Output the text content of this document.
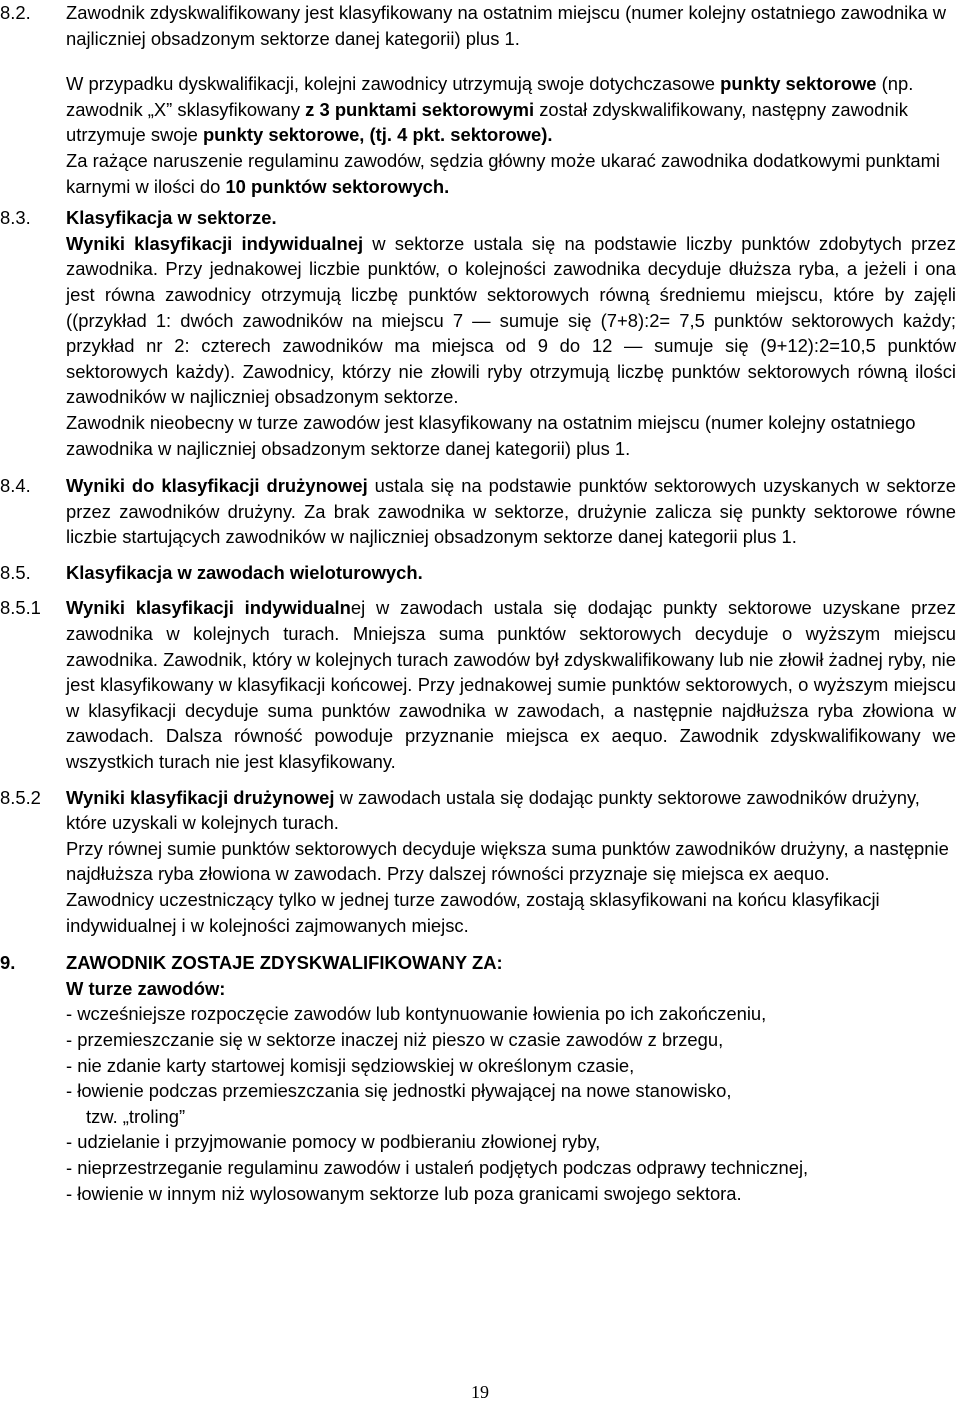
8.2.	Zawodnik zdyskwalifikowany jest klasyfikowany na ostatnim miejscu (numer kolejny ostatniego zawodnika w najliczniej obsadzonym sektorze danej kategorii) plus 1.

W przypadku dyskwalifikacji, kolejni zawodnicy utrzymują swoje dotychczasowe punkty sektorowe (np. zawodnik „X” sklasyfikowany z 3 punktami sektorowymi został zdyskwalifikowany, następny zawodnik utrzymuje swoje punkty sektorowe, (tj. 4 pkt. sektorowe).

Za rażące naruszenie regulaminu zawodów, sędzia główny może ukarać zawodnika dodatkowymi punktami karnymi w ilości do 10 punktów sektorowych.

8.3.	Klasyfikacja w sektorze.

Wyniki klasyfikacji indywidualnej w sektorze ustala się na podstawie liczby punktów zdobytych przez zawodnika. Przy jednakowej liczbie punktów, o kolejności zawodnika decyduje dłuższa ryba, a jeżeli i ona jest równa zawodnicy otrzymują liczbę punktów sektorowych równą średniemu miejscu, które by zajęli ((przykład 1: dwóch zawodników na miejscu 7 — sumuje się (7+8):2= 7,5 punktów sektorowych każdy; przykład nr 2: czterech zawodników ma miejsca od 9 do 12 — sumuje się (9+12):2=10,5 punktów sektorowych każdy). Zawodnicy, którzy nie złowili ryby otrzymują liczbę punktów sektorowych równą ilości zawodników w najliczniej obsadzonym sektorze.

Zawodnik nieobecny w turze zawodów jest klasyfikowany na ostatnim miejscu (numer kolejny ostatniego zawodnika w najliczniej obsadzonym sektorze danej kategorii) plus 1.

8.4.	Wyniki do klasyfikacji drużynowej ustala się na podstawie punktów sektorowych uzyskanych w sektorze przez zawodników drużyny. Za brak zawodnika w sektorze, drużynie zalicza się punkty sektorowe równe liczbie startujących zawodników w najliczniej obsadzonym sektorze danej kategorii plus 1.

8.5.	Klasyfikacja w zawodach wieloturowych.

8.5.1	Wyniki klasyfikacji indywidualnej w zawodach ustala się dodając punkty sektorowe uzyskane przez zawodnika w kolejnych turach. Mniejsza suma punktów sektorowych decyduje o wyższym miejscu zawodnika. Zawodnik, który w kolejnych turach zawodów był zdyskwalifikowany lub nie złowił żadnej ryby, nie jest klasyfikowany w klasyfikacji końcowej. Przy jednakowej sumie punktów sektorowych, o wyższym miejscu w klasyfikacji decyduje suma punktów zawodnika w zawodach, a następnie najdłuższa ryba złowiona w zawodach. Dalsza równość powoduje przyznanie miejsca ex aequo. Zawodnik zdyskwalifikowany we wszystkich turach nie jest klasyfikowany.

8.5.2	Wyniki klasyfikacji drużynowej w zawodach ustala się dodając punkty sektorowe zawodników drużyny, które uzyskali w kolejnych turach.

Przy równej sumie punktów sektorowych decyduje większa suma punktów zawodników drużyny, a następnie najdłuższa ryba złowiona w zawodach. Przy dalszej równości przyznaje się miejsca ex aequo.

Zawodnicy uczestniczący tylko w jednej turze zawodów, zostają sklasyfikowani na końcu klasyfikacji indywidualnej i w kolejności zajmowanych miejsc.

9.	ZAWODNIK ZOSTAJE ZDYSKWALIFIKOWANY ZA:

W turze zawodów:

- wcześniejsze rozpoczęcie zawodów lub kontynuowanie łowienia po ich zakończeniu,

- przemieszczanie się w sektorze inaczej niż pieszo w czasie zawodów z brzegu,

- nie zdanie karty startowej komisji sędziowskiej w określonym czasie,

- łowienie podczas przemieszczania się jednostki pływającej na nowe stanowisko,

tzw. „troling”

- udzielanie i przyjmowanie pomocy w podbieraniu złowionej ryby,

- nieprzestrzeganie regulaminu zawodów i ustaleń podjętych podczas odprawy technicznej,

- łowienie w innym niż wylosowanym sektorze lub poza granicami swojego sektora.

19
